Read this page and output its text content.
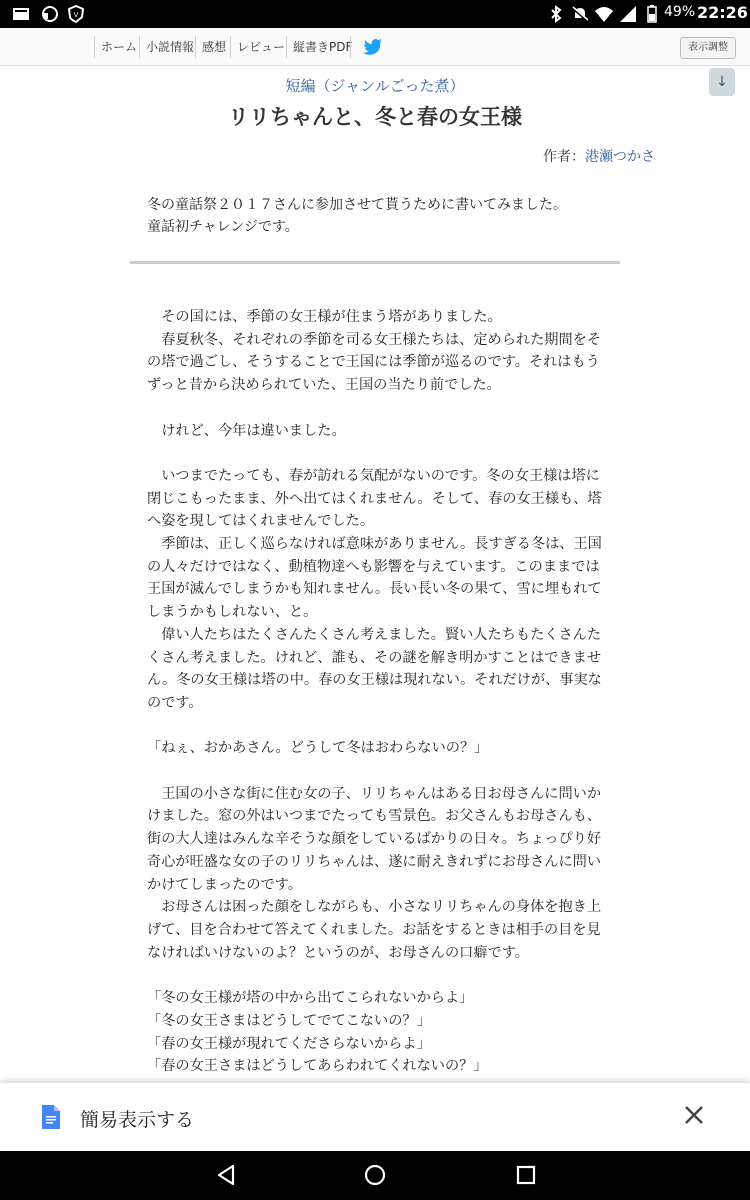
V	49% 22:26
ホーム 小説情報 感想 レビュー 縦書きPDF	表示調整
↓
短編（ジャンルごった煮）
リリちゃんと、冬と春の女王様
作者：港瀬つかさ
冬の童話祭２０１７さんに参加させて貰うために書いてみました。
童話初チャレンジです。
　その国には、季節の女王様が住まう塔がありました。
　春夏秋冬、それぞれの季節を司る女王様たちは、定められた期間をその塔で過ごし、そうすることで王国には季節が巡るのです。それはもうずっと昔から決められていた、王国の当たり前でした。

　けれど、今年は違いました。

　いつまでたっても、春が訪れる気配がないのです。冬の女王様は塔に閉じこもったまま、外へ出てはくれません。そして、春の女王様も、塔へ姿を現してはくれませんでした。
　季節は、正しく巡らなければ意味がありません。長すぎる冬は、王国の人々だけではなく、動植物達へも影響を与えています。このままでは王国が滅んでしまうかも知れません。長い長い冬の果て、雪に埋もれてしまうかもしれない、と。
　偉い人たちはたくさんたくさん考えました。賢い人たちもたくさんたくさん考えました。けれど、誰も、その謎を解き明かすことはできません。冬の女王様は塔の中。春の女王様は現れない。それだけが、事実なのです。

「ねぇ、おかあさん。どうして冬はおわらないの？」

　王国の小さな街に住む女の子、リリちゃんはある日お母さんに問いかけました。窓の外はいつまでたっても雪景色。お父さんもお母さんも、街の大人達はみんな辛そうな顔をしているばかりの日々。ちょっぴり好奇心が旺盛な女の子のリリちゃんは、遂に耐えきれずにお母さんに問いかけてしまったのです。
　お母さんは困った顔をしながらも、小さなリリちゃんの身体を抱き上げて、目を合わせて答えてくれました。お話をするときは相手の目を見なければいけないのよ？というのが、お母さんの口癖です。

「冬の女王様が塔の中から出てこられないからよ」
「冬の女王さまはどうしてでてこないの？」
「春の女王様が現れてくださらないからよ」
「春の女王さまはどうしてあらわれてくれないの？」

簡易表示する
